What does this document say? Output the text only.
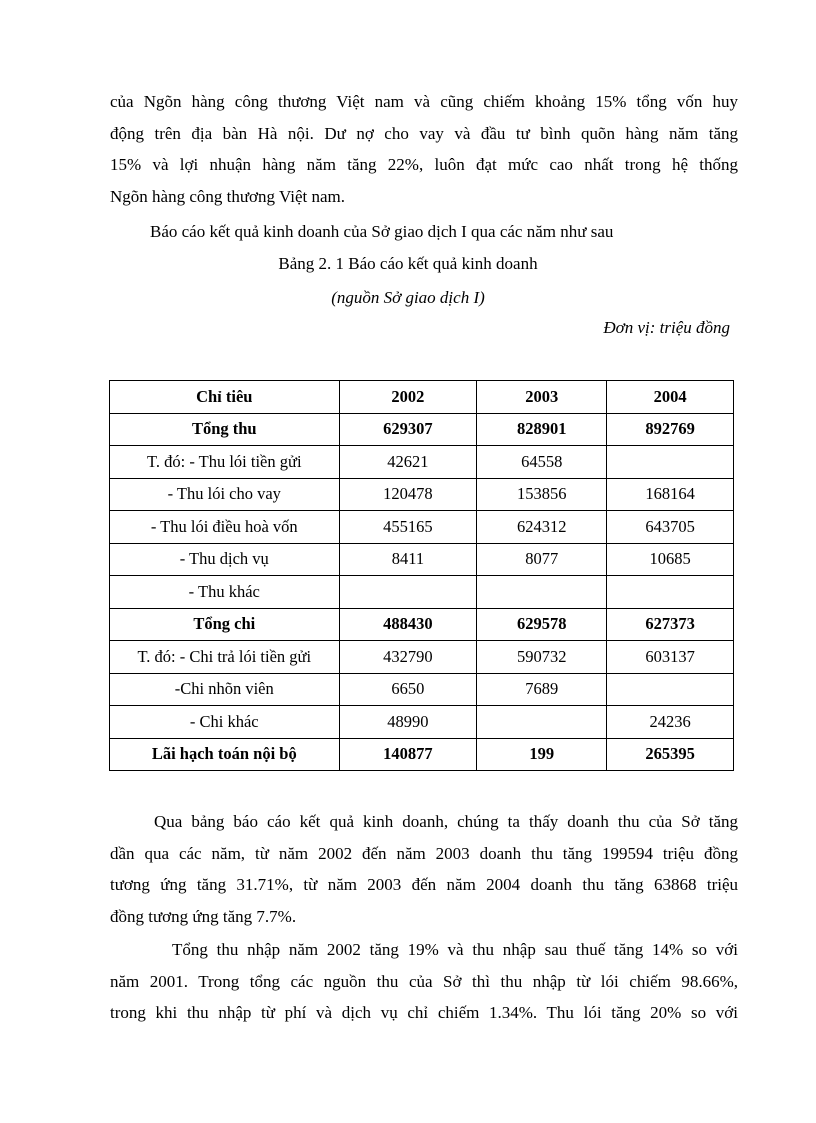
của Ngõn hàng công thương Việt nam và cũng chiếm khoảng 15% tổng vốn huy
động trên địa bàn Hà nội. Dư nợ cho vay và đầu tư bình quõn hàng năm tăng
15% và lợi nhuận hàng năm tăng 22%, luôn đạt mức cao nhất trong hệ thống
Ngõn hàng công thương Việt nam.
Báo cáo kết quả kinh doanh của Sở giao dịch I qua các năm như sau
Bảng 2. 1 Báo cáo kết quả kinh doanh
(nguồn Sở giao dịch I)
Đơn vị: triệu đồng
Chỉ tiêu	2002	2003	2004
Tổng thu	629307	828901	892769
T. đó: - Thu lói tiền gửi	42621	64558	
- Thu lói cho vay	120478	153856	168164
- Thu lói điều hoà vốn	455165	624312	643705
- Thu dịch vụ	8411	8077	10685
- Thu khác			
Tổng chi	488430	629578	627373
T. đó: - Chi trả lói tiền gửi	432790	590732	603137
-Chi nhõn viên	6650	7689	
- Chi khác	48990		24236
Lãi hạch toán nội bộ	140877	199	265395
Qua bảng báo cáo kết quả kinh doanh, chúng ta thấy doanh thu của Sở tăng
dần qua các năm, từ năm 2002 đến năm 2003 doanh thu tăng 199594 triệu đồng
tương ứng tăng 31.71%, từ năm 2003 đến năm 2004 doanh thu tăng 63868 triệu
đồng tương ứng tăng 7.7%.
Tổng thu nhập năm 2002 tăng 19% và thu nhập sau thuế tăng 14% so với
năm 2001. Trong tổng các nguồn thu của Sở thì thu nhập từ lói chiếm 98.66%,
trong khi thu nhập từ phí và dịch vụ chỉ chiếm 1.34%. Thu lói tăng 20% so với
